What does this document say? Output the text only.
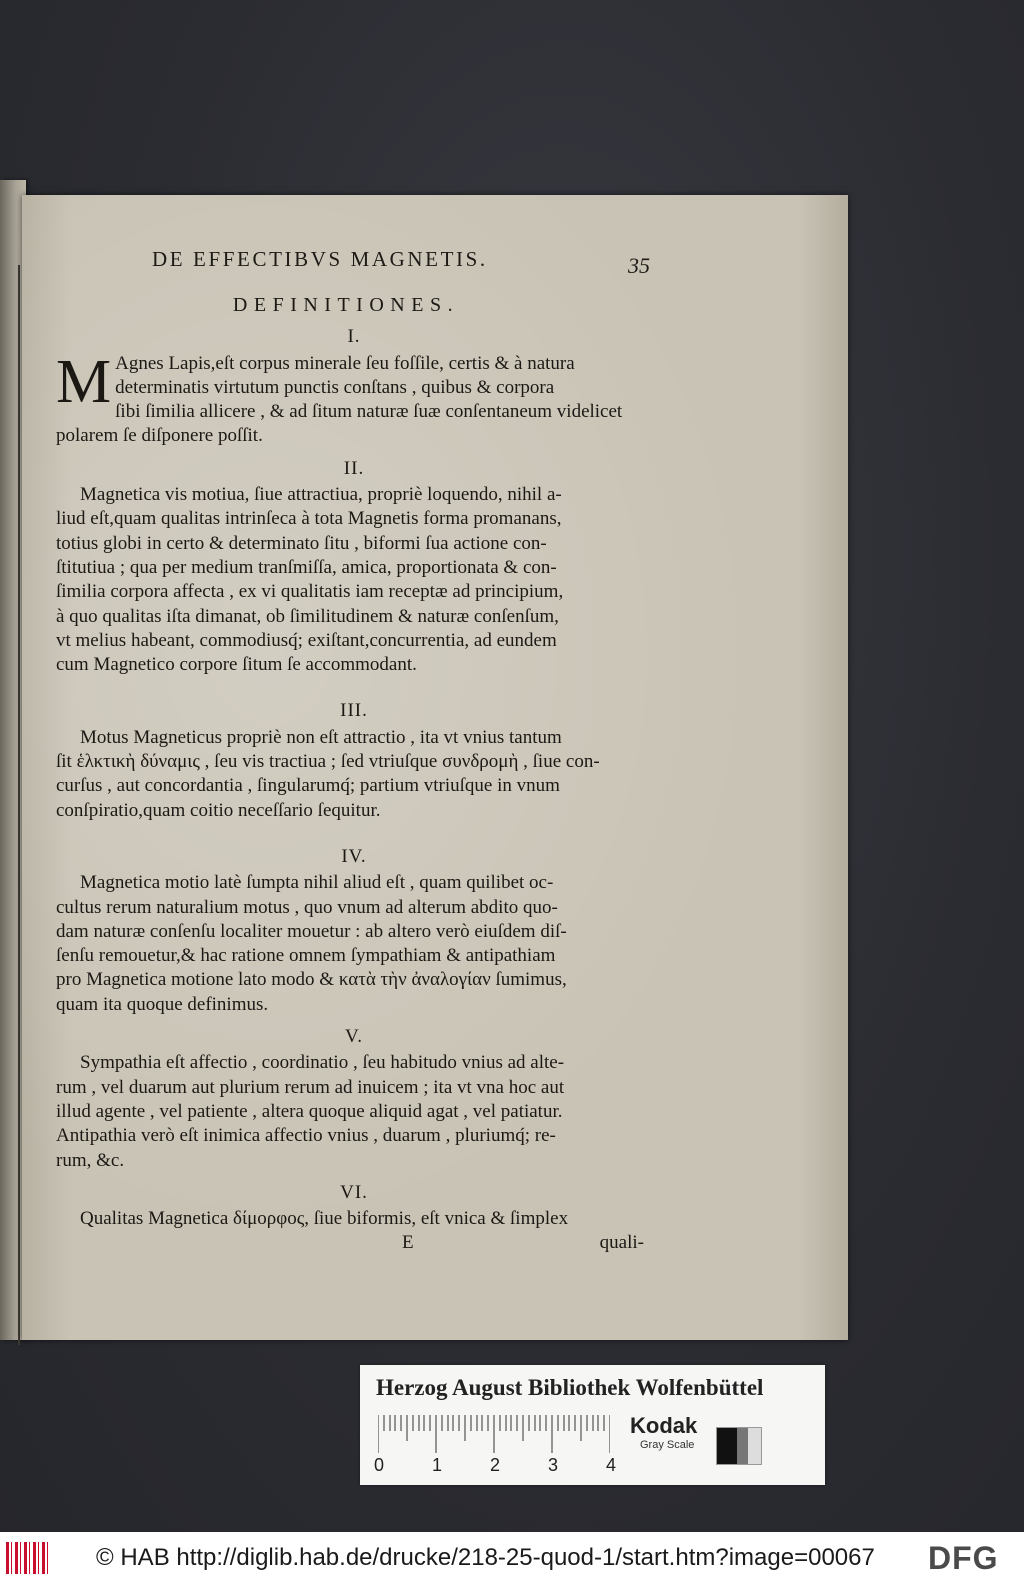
DE EFFECTIBVS MAGNETIS.	35
DEFINITIONES.
I.
M Agnes Lapis,eſt corpus minerale ſeu foſſile, certis & à natura
determinatis virtutum punctis conſtans , quibus & corpora
ſibi ſimilia allicere , & ad ſitum naturæ ſuæ conſentaneum videlicet
polarem ſe diſponere poſſit.
II.
Magnetica vis motiua, ſiue attractiua, propriè loquendo, nihil a-
liud eſt,quam qualitas intrinſeca à tota Magnetis forma promanans,
totius globi in certo & determinato ſitu , biformi ſua actione con-
ſtitutiua ; qua per medium tranſmiſſa, amica, proportionata & con-
ſimilia corpora affecta , ex vi qualitatis iam receptæ ad principium,
à quo qualitas iſta dimanat, ob ſimilitudinem & naturæ conſenſum,
vt melius habeant, commodiusq́; exiſtant,concurrentia, ad eundem
cum Magnetico corpore ſitum ſe accommodant.
III.
Motus Magneticus propriè non eſt attractio , ita vt vnius tantum
ſit ἑλκτικὴ δύναμις , ſeu vis tractiua ; ſed vtriuſque συνδρομὴ , ſiue con-
curſus , aut concordantia , ſingularumq́; partium vtriuſque in vnum
conſpiratio,quam coitio neceſſario ſequitur.
IV.
Magnetica motio latè ſumpta nihil aliud eſt , quam quilibet oc-
cultus rerum naturalium motus , quo vnum ad alterum abdito quo-
dam naturæ conſenſu localiter mouetur : ab altero verò eiuſdem diſ-
ſenſu remouetur,& hac ratione omnem ſympathiam & antipathiam
pro Magnetica motione lato modo & κατὰ τὴν ἀναλογίαν ſumimus,
quam ita quoque definimus.
V.
Sympathia eſt affectio , coordinatio , ſeu habitudo vnius ad alte-
rum , vel duarum aut plurium rerum ad inuicem ; ita vt vna hoc aut
illud agente , vel patiente , altera quoque aliquid agat , vel patiatur.
Antipathia verò eſt inimica affectio vnius , duarum , pluriumq́; re-
rum, &c.
VI.
Qualitas Magnetica δίμορφος, ſiue biformis, eſt vnica & ſimplex
E	quali-
Herzog August Bibliothek Wolfenbüttel
0	1	2	3	4
Kodak
Gray Scale
© HAB http://diglib.hab.de/drucke/218-25-quod-1/start.htm?image=00067 DFG
